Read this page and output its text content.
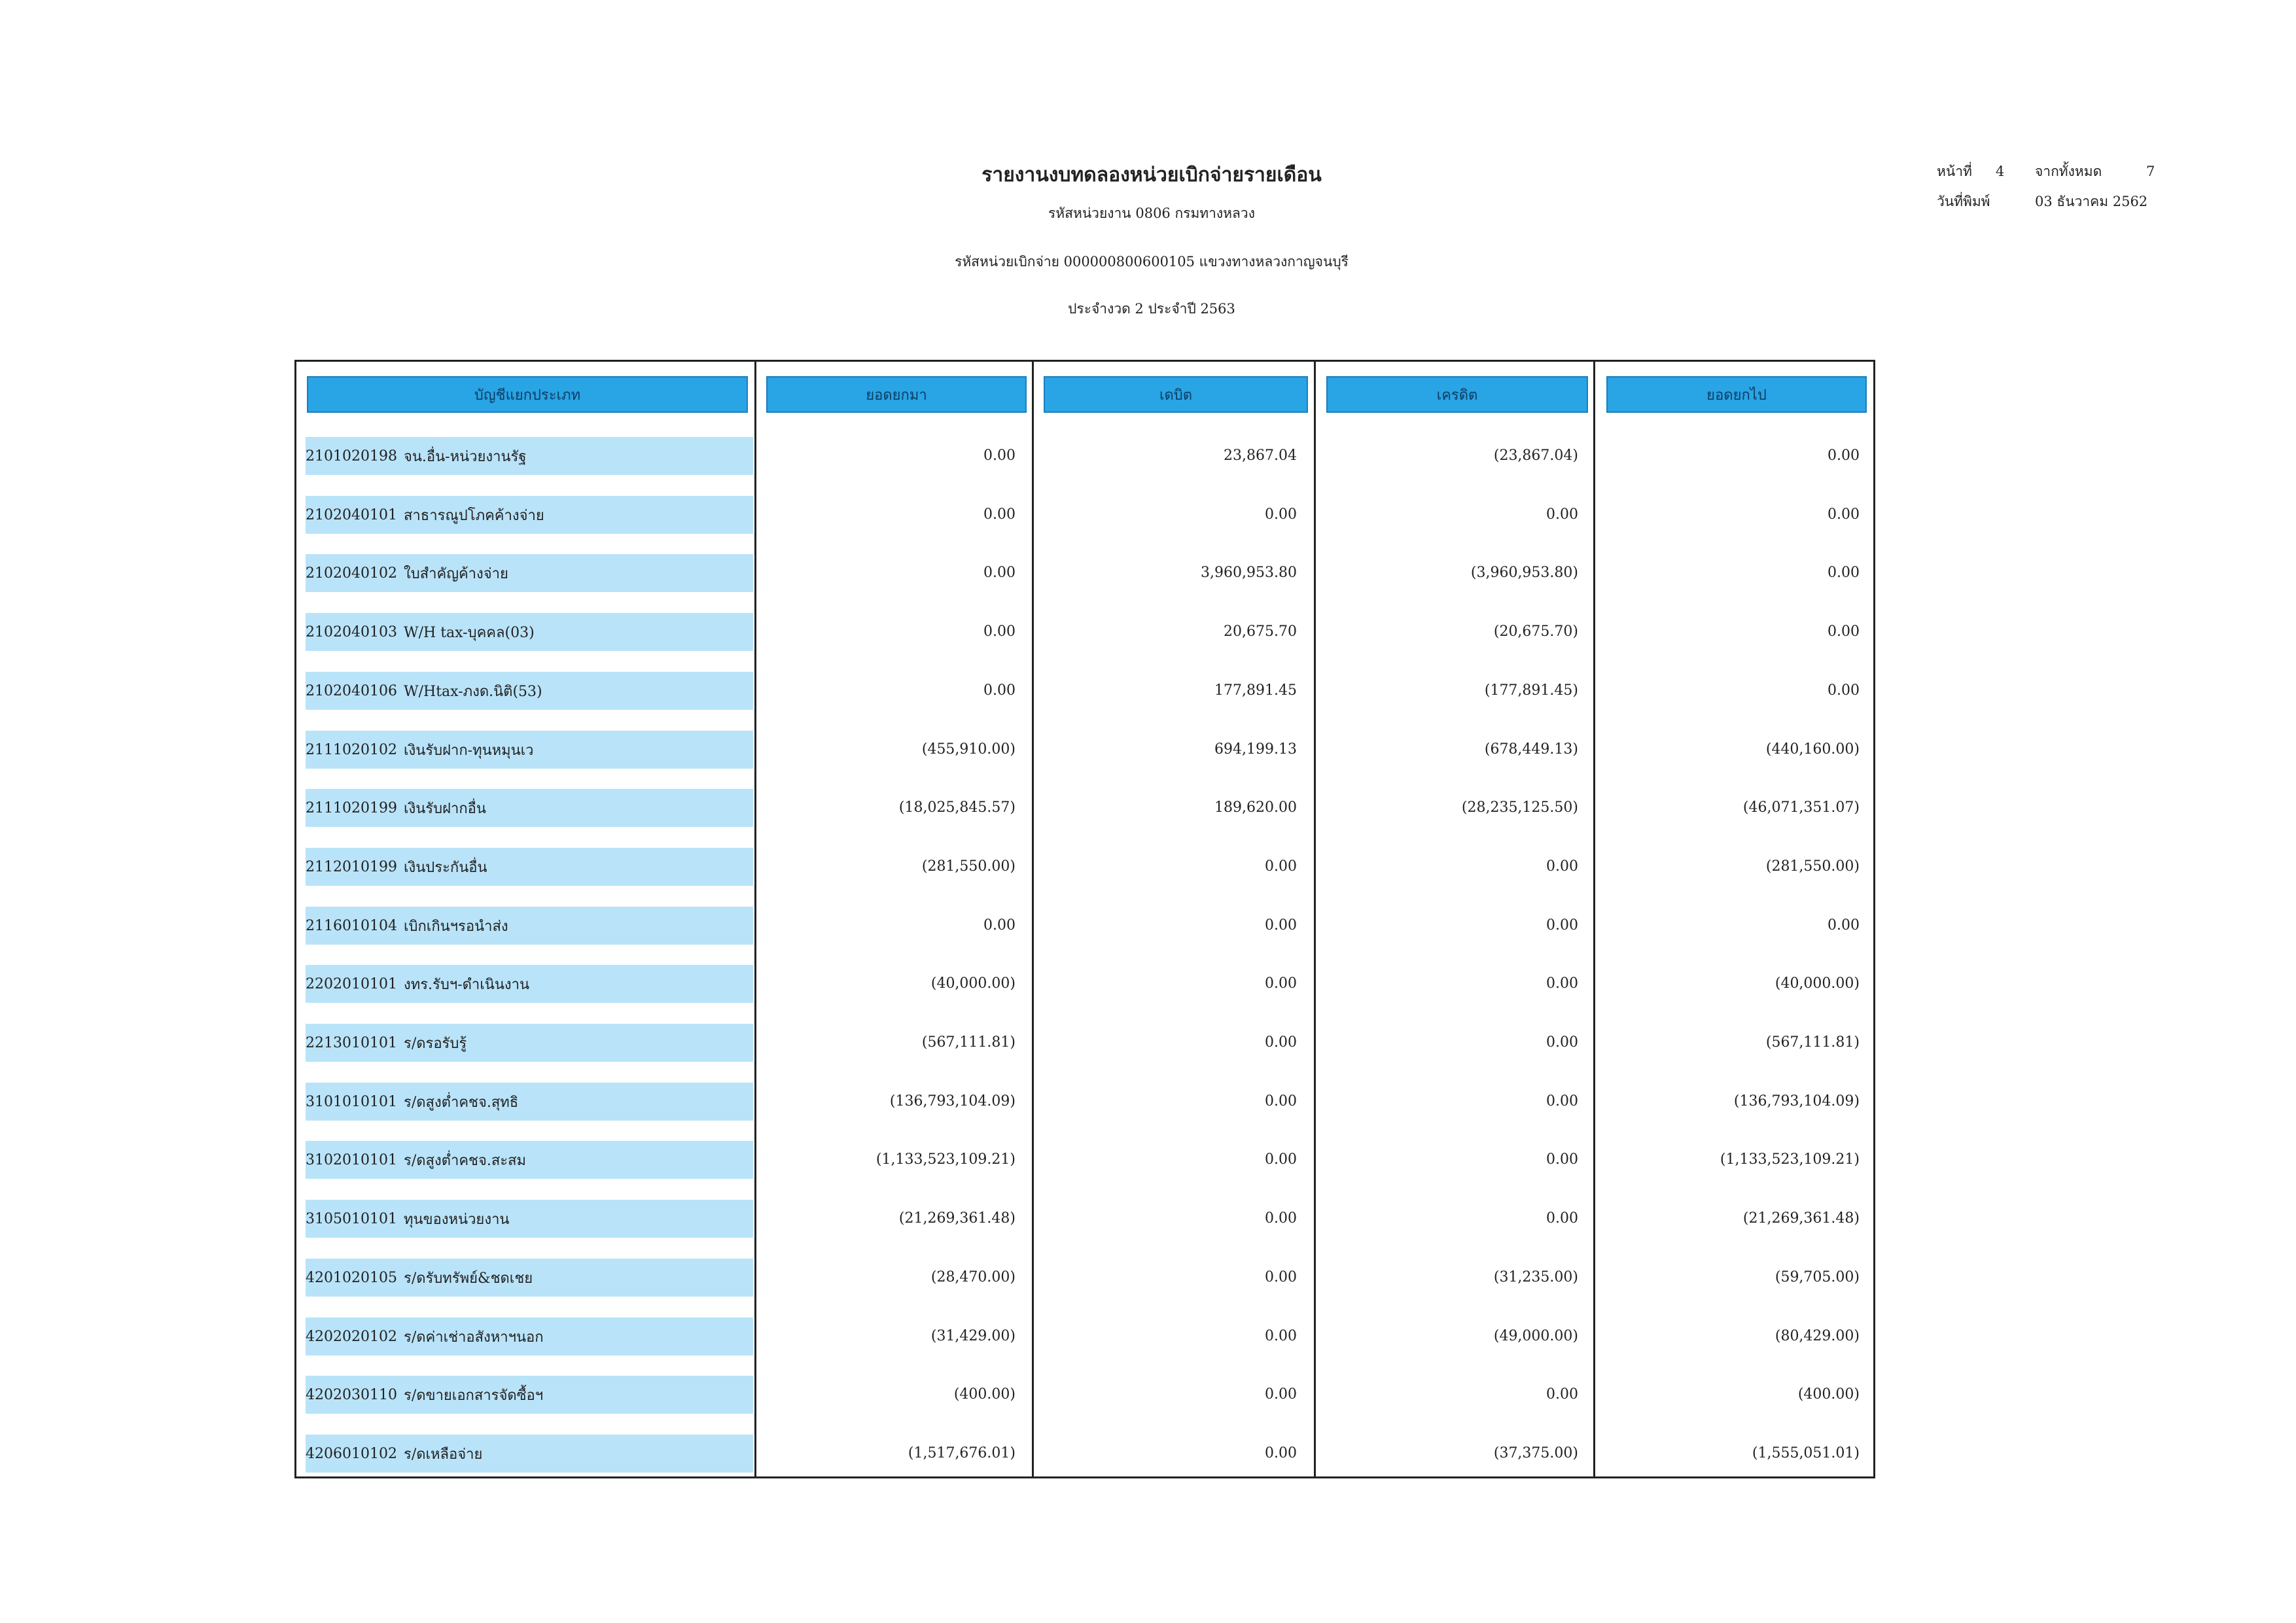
รายงานงบทดลองหน่วยเบิกจ่ายรายเดือน
รหัสหน่วยงาน 0806 กรมทางหลวง
รหัสหน่วยเบิกจ่าย 000000800600105 แขวงทางหลวงกาญจนบุรี
ประจำงวด 2 ประจำปี 2563
หน้าที่ 4 จากทั้งหมด	7
วันที่พิมพ์	03 ธันวาคม 2562
บัญชีแยกประเภท	ยอดยกมา	เดบิต	เครดิต	ยอดยกไป
2101020198 จน.อื่น-หน่วยงานรัฐ	0.00	23,867.04	(23,867.04)	0.00
2102040101 สาธารณูปโภคค้างจ่าย	0.00	0.00	0.00	0.00
2102040102 ใบสำคัญค้างจ่าย	0.00	3,960,953.80	(3,960,953.80)	0.00
2102040103 W/H tax-บุคคล(03)	0.00	20,675.70	(20,675.70)	0.00
2102040106 W/Htax-ภงด.นิติ(53)	0.00	177,891.45	(177,891.45)	0.00
2111020102 เงินรับฝาก-ทุนหมุนเว	(455,910.00)	694,199.13	(678,449.13)	(440,160.00)
2111020199 เงินรับฝากอื่น	(18,025,845.57)	189,620.00	(28,235,125.50)	(46,071,351.07)
2112010199 เงินประกันอื่น	(281,550.00)	0.00	0.00	(281,550.00)
2116010104 เบิกเกินฯรอนำส่ง	0.00	0.00	0.00	0.00
2202010101 งทร.รับฯ-ดำเนินงาน	(40,000.00)	0.00	0.00	(40,000.00)
2213010101 ร/ดรอรับรู้	(567,111.81)	0.00	0.00	(567,111.81)
3101010101 ร/ดสูงต่ำคชจ.สุทธิ	(136,793,104.09)	0.00	0.00	(136,793,104.09)
3102010101 ร/ดสูงต่ำคชจ.สะสม	(1,133,523,109.21)	0.00	0.00	(1,133,523,109.21)
3105010101 ทุนของหน่วยงาน	(21,269,361.48)	0.00	0.00	(21,269,361.48)
4201020105 ร/ดรับทรัพย์&ชดเชย	(28,470.00)	0.00	(31,235.00)	(59,705.00)
4202020102 ร/ดค่าเช่าอสังหาฯนอก	(31,429.00)	0.00	(49,000.00)	(80,429.00)
4202030110 ร/ดขายเอกสารจัดซื้อฯ	(400.00)	0.00	0.00	(400.00)
4206010102 ร/ดเหลือจ่าย	(1,517,676.01)	0.00	(37,375.00)	(1,555,051.01)
